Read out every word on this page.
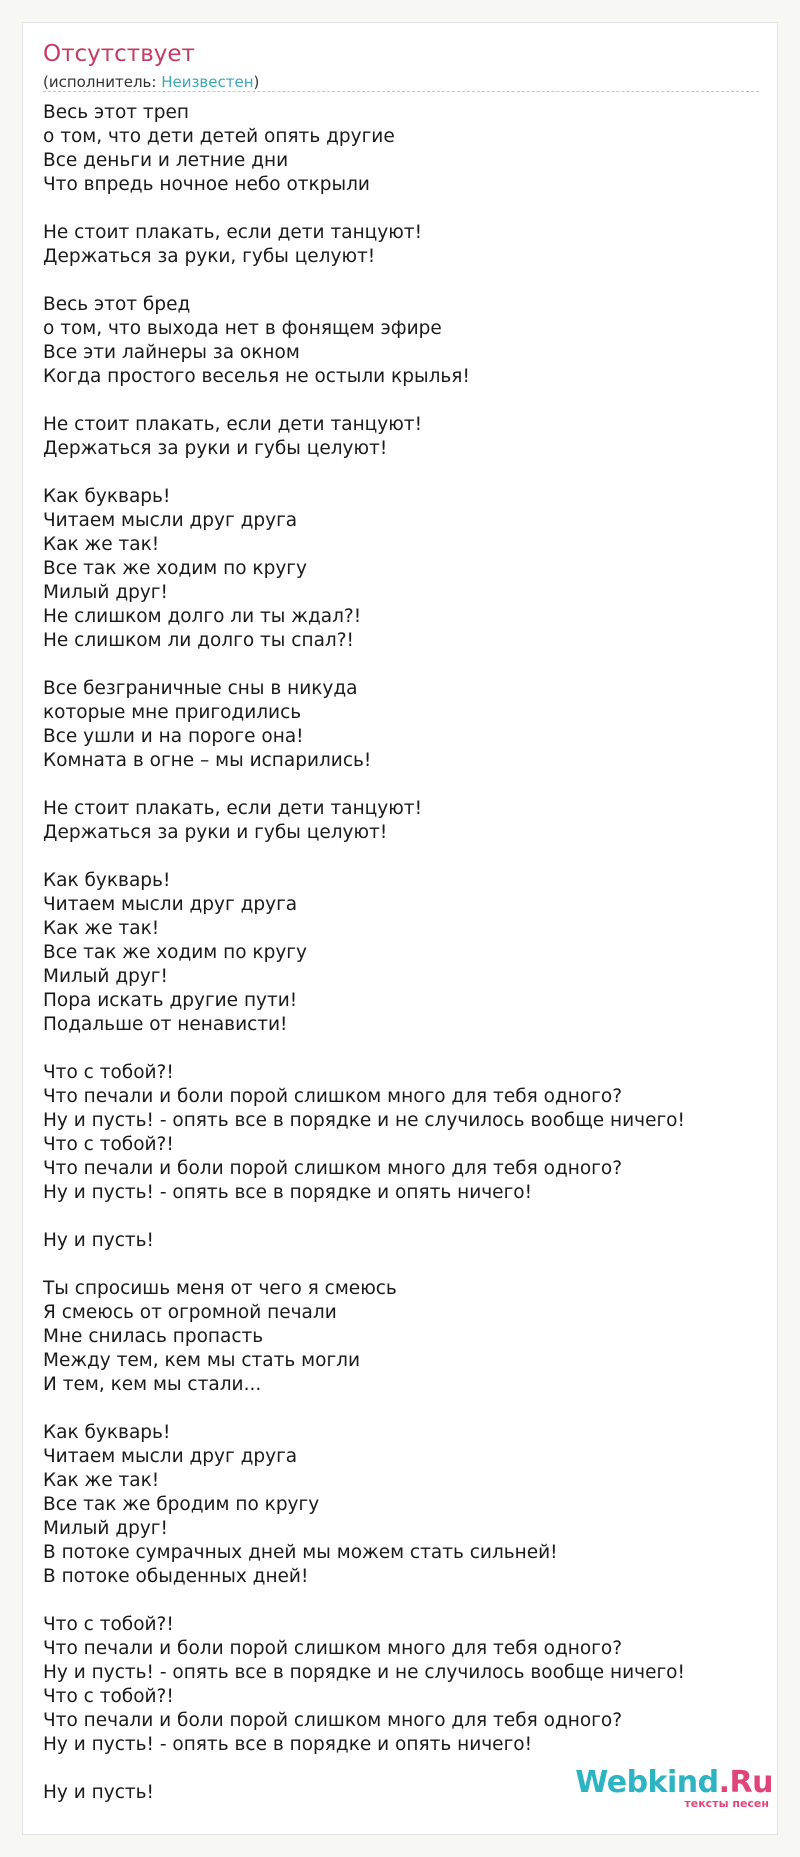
Отсутствует
(исполнитель: Неизвестен)
Весь этот треп
о том, что дети детей опять другие
Все деньги и летние дни
Что впредь ночное небо открыли

Не стоит плакать, если дети танцуют!
Держаться за руки, губы целуют!

Весь этот бред
о том, что выхода нет в фонящем эфире
Все эти лайнеры за окном
Когда простого веселья не остыли крылья!

Не стоит плакать, если дети танцуют!
Держаться за руки и губы целуют!

Как букварь!
Читаем мысли друг друга
Как же так!
Все так же ходим по кругу
Милый друг!
Не слишком долго ли ты ждал?!
Не слишком ли долго ты спал?!

Все безграничные сны в никуда
которые мне пригодились
Все ушли и на пороге она!
Комната в огне – мы испарились!

Не стоит плакать, если дети танцуют!
Держаться за руки и губы целуют!

Как букварь!
Читаем мысли друг друга
Как же так!
Все так же ходим по кругу
Милый друг!
Пора искать другие пути!
Подальше от ненависти!

Что с тобой?!
Что печали и боли порой слишком много для тебя одного?
Ну и пусть! - опять все в порядке и не случилось вообще ничего!
Что с тобой?!
Что печали и боли порой слишком много для тебя одного?
Ну и пусть! - опять все в порядке и опять ничего!

Ну и пусть!

Ты спросишь меня от чего я смеюсь
Я смеюсь от огромной печали
Мне снилась пропасть
Между тем, кем мы стать могли
И тем, кем мы стали...

Как букварь!
Читаем мысли друг друга
Как же так!
Все так же бродим по кругу
Милый друг!
В потоке сумрачных дней мы можем стать сильней!
В потоке обыденных дней!

Что с тобой?!
Что печали и боли порой слишком много для тебя одного?
Ну и пусть! - опять все в порядке и не случилось вообще ничего!
Что с тобой?!
Что печали и боли порой слишком много для тебя одного?
Ну и пусть! - опять все в порядке и опять ничего!

Ну и пусть!	Webkind.Ru
тексты песен
